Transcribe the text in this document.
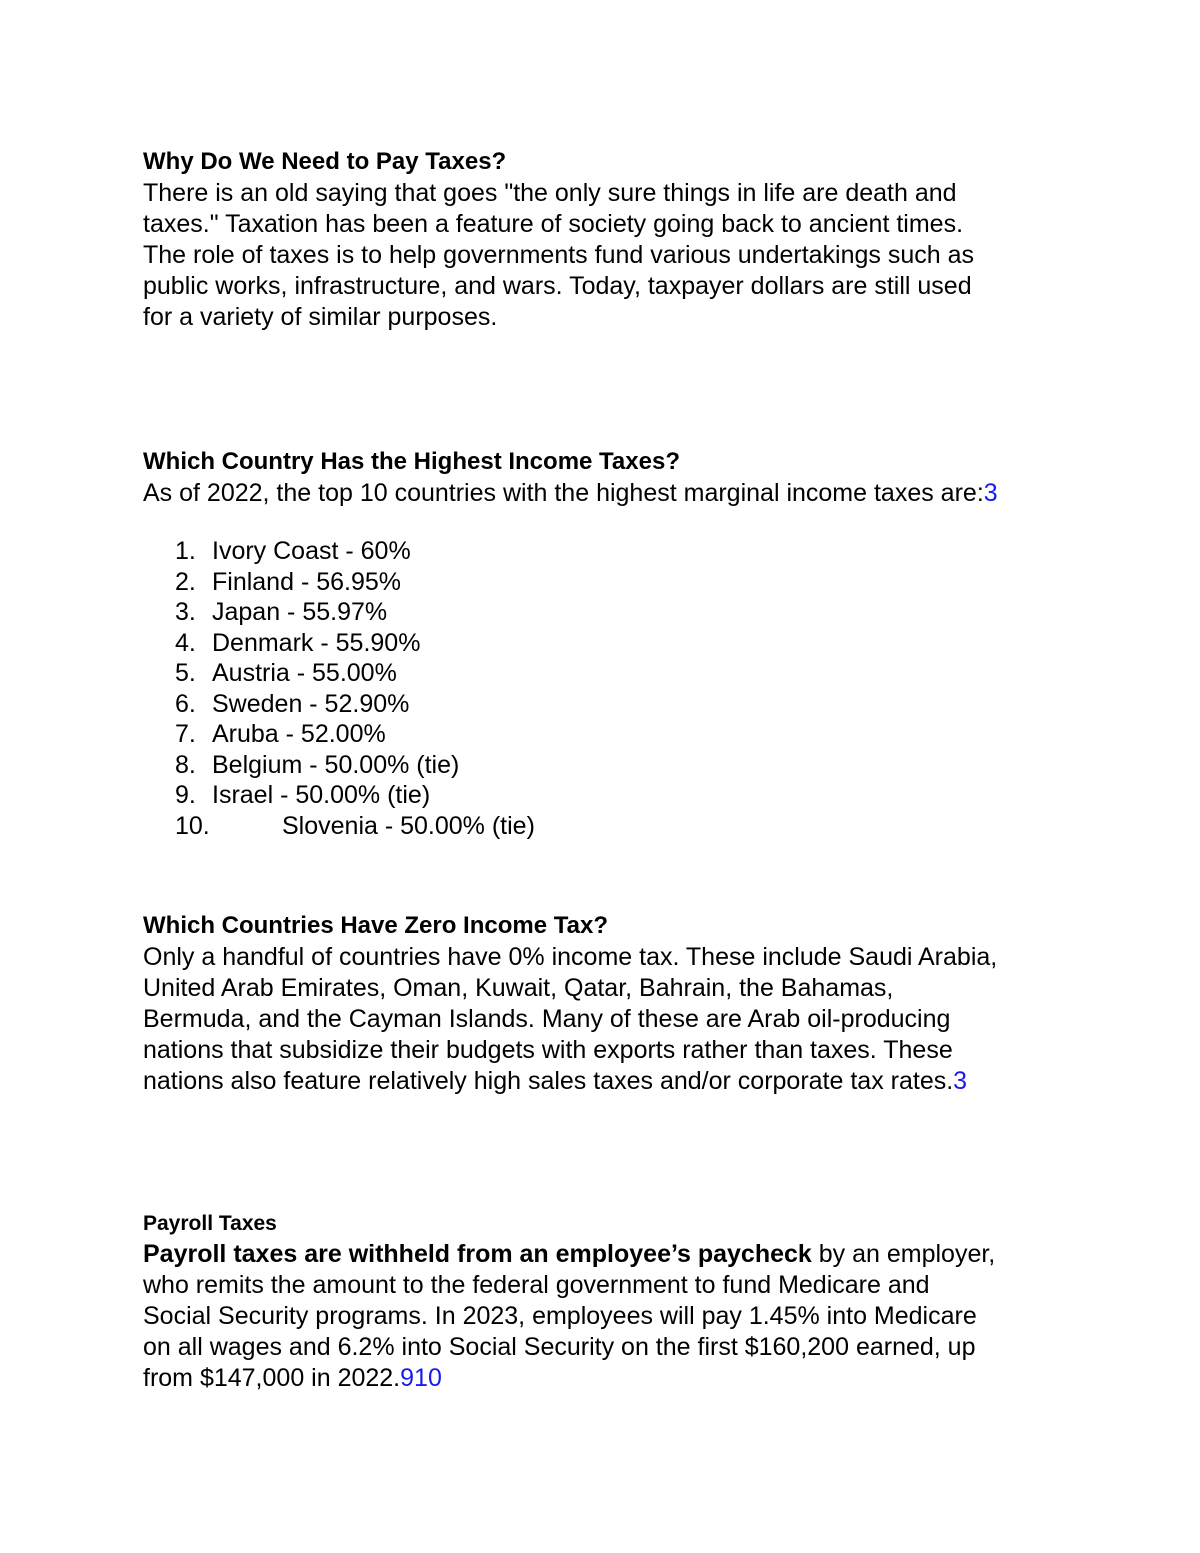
Why Do We Need to Pay Taxes?

There is an old saying that goes "the only sure things in life are death and
taxes." Taxation has been a feature of society going back to ancient times.
The role of taxes is to help governments fund various undertakings such as
public works, infrastructure, and wars. Today, taxpayer dollars are still used
for a variety of similar purposes.

Which Country Has the Highest Income Taxes?

As of 2022, the top 10 countries with the highest marginal income taxes are:3

1. Ivory Coast - 60%
2. Finland - 56.95%
3. Japan - 55.97%
4. Denmark - 55.90%
5. Austria - 55.00%
6. Sweden - 52.90%
7. Aruba - 52.00%
8. Belgium - 50.00% (tie)
9. Israel - 50.00% (tie)
10.	Slovenia - 50.00% (tie)

Which Countries Have Zero Income Tax?

Only a handful of countries have 0% income tax. These include Saudi Arabia,
United Arab Emirates, Oman, Kuwait, Qatar, Bahrain, the Bahamas,
Bermuda, and the Cayman Islands. Many of these are Arab oil-producing
nations that subsidize their budgets with exports rather than taxes. These
nations also feature relatively high sales taxes and/or corporate tax rates.3

Payroll Taxes

Payroll taxes are withheld from an employee’s paycheck by an employer,
who remits the amount to the federal government to fund Medicare and
Social Security programs. In 2023, employees will pay 1.45% into Medicare
on all wages and 6.2% into Social Security on the first $160,200 earned, up
from $147,000 in 2022.910
